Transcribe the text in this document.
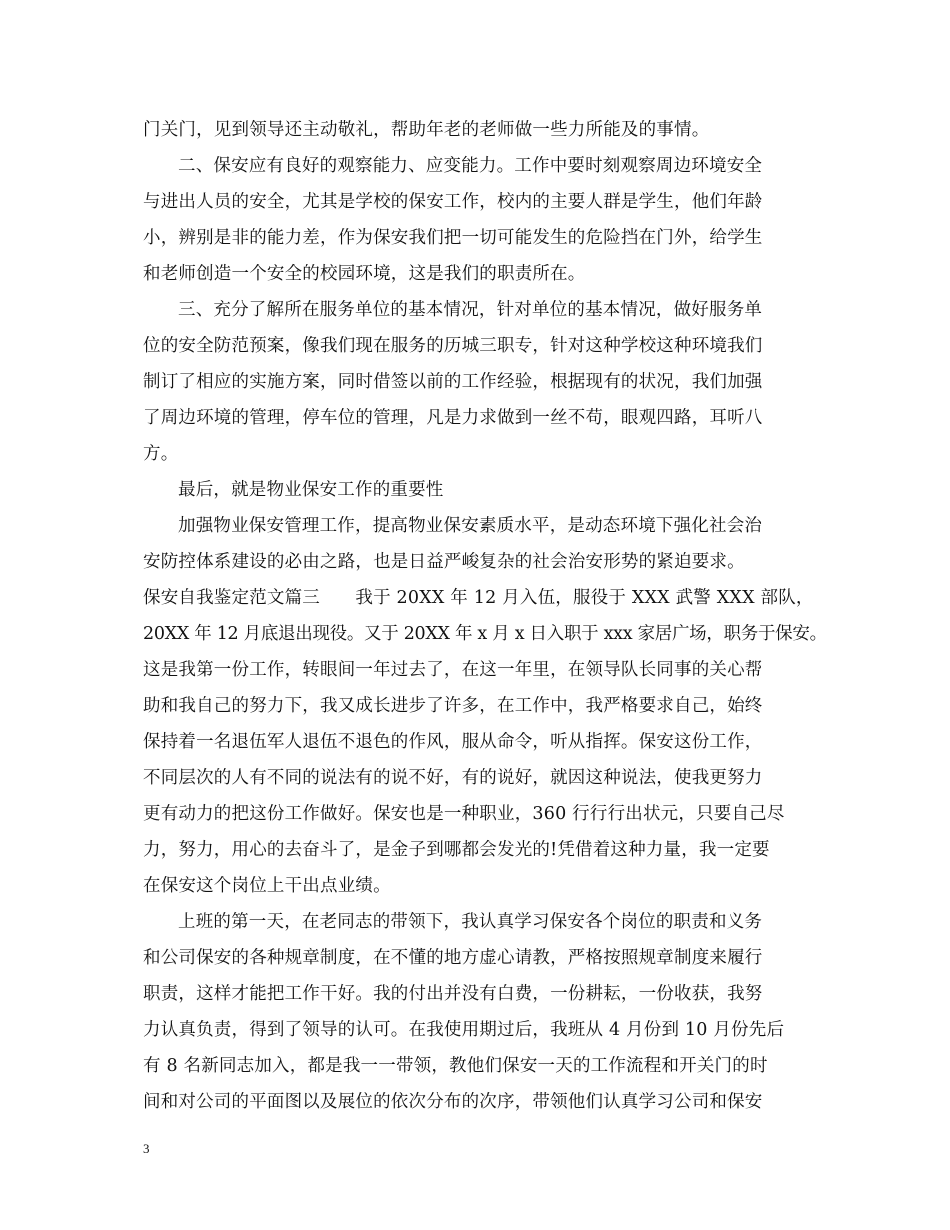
门关门，见到领导还主动敬礼，帮助年老的老师做一些力所能及的事情。

二、保安应有良好的观察能力、应变能力。工作中要时刻观察周边环境安全

与进出人员的安全，尤其是学校的保安工作，校内的主要人群是学生，他们年龄

小，辨别是非的能力差，作为保安我们把一切可能发生的危险挡在门外，给学生

和老师创造一个安全的校园环境，这是我们的职责所在。

三、充分了解所在服务单位的基本情况，针对单位的基本情况，做好服务单

位的安全防范预案，像我们现在服务的历城三职专，针对这种学校这种环境我们

制订了相应的实施方案，同时借签以前的工作经验，根据现有的状况，我们加强

了周边环境的管理，停车位的管理，凡是力求做到一丝不苟，眼观四路，耳听八

方。

最后，就是物业保安工作的重要性

加强物业保安管理工作，提高物业保安素质水平，是动态环境下强化社会治

安防控体系建设的必由之路，也是日益严峻复杂的社会治安形势的紧迫要求。

保安自我鉴定范文篇三　　我于 20XX 年 12 月入伍，服役于 XXX 武警 XXX 部队，

20XX 年 12 月底退出现役。又于 20XX 年 x 月 x 日入职于 xxx 家居广场，职务于保安。

这是我第一份工作，转眼间一年过去了，在这一年里，在领导队长同事的关心帮

助和我自己的努力下，我又成长进步了许多，在工作中，我严格要求自己，始终

保持着一名退伍军人退伍不退色的作风，服从命令，听从指挥。保安这份工作，

不同层次的人有不同的说法有的说不好，有的说好，就因这种说法，使我更努力

更有动力的把这份工作做好。保安也是一种职业，360 行行行出状元，只要自己尽

力，努力，用心的去奋斗了，是金子到哪都会发光的!凭借着这种力量，我一定要

在保安这个岗位上干出点业绩。

上班的第一天，在老同志的带领下，我认真学习保安各个岗位的职责和义务

和公司保安的各种规章制度，在不懂的地方虚心请教，严格按照规章制度来履行

职责，这样才能把工作干好。我的付出并没有白费，一份耕耘，一份收获，我努

力认真负责，得到了领导的认可。在我使用期过后，我班从 4 月份到 10 月份先后

有 8 名新同志加入，都是我一一带领，教他们保安一天的工作流程和开关门的时

间和对公司的平面图以及展位的依次分布的次序，带领他们认真学习公司和保安

3
